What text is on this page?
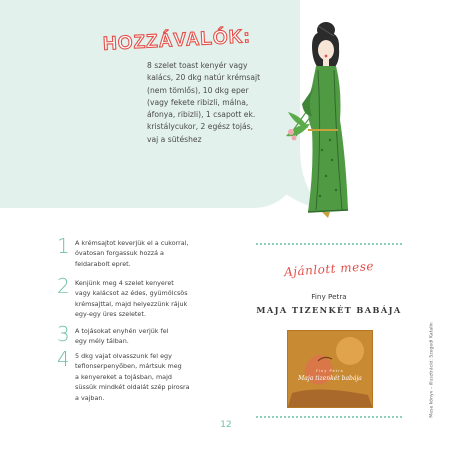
HOZZÁVALÓK:
8 szelet toast kenyér vagy
kalács, 20 dkg natúr krémsajt
(nem tömlős), 10 dkg eper
(vagy fekete ribizli, málna,
áfonya, ribizli), 1 csapott ek.
kristálycukor, 2 egész tojás,
vaj a sütéshez
1 A krémsajtot keverjük el a cukorral,
óvatosan forgassuk hozzá a
feldarabolt epret.
2 Kenjünk meg 4 szelet kenyeret
vagy kalácsot az édes, gyümölcsös
krémsajttal, majd helyezzünk rájuk
egy-egy üres szeletet.
3 A tojásokat enyhén verjük fel
egy mély tálban.
4 5 dkg vajat olvasszunk fel egy
teflonserpenyőben, mártsuk meg
a kenyereket a tojásban, majd
süssük mindkét oldalát szép pirosra
a vajban.
Ajánlott mese
Finy Petra
MAJA TIZENKÉT BABÁJA
Finy Petra
Maja tizenkét babája	Mese könyv – illusztráció: Szegedi Katalin
12
